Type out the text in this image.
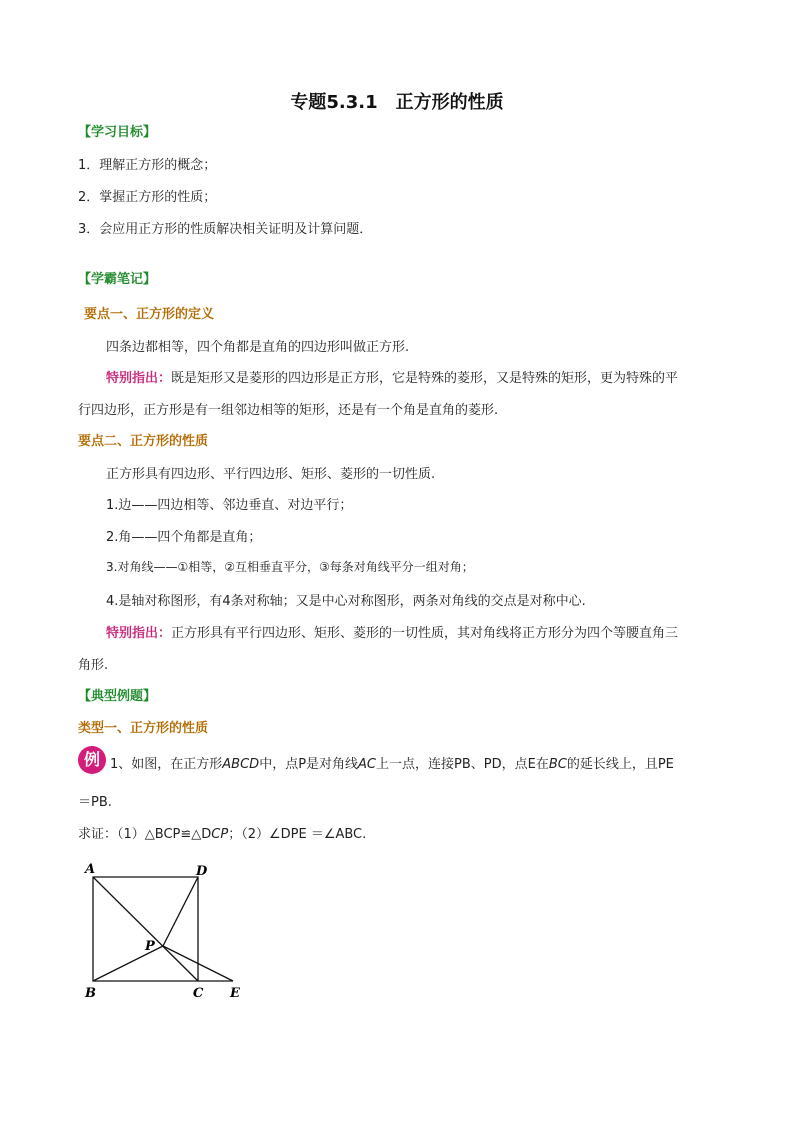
专题5.3.1　正方形的性质
【学习目标】
1．理解正方形的概念；
2．掌握正方形的性质；
3．会应用正方形的性质解决相关证明及计算问题．
【学霸笔记】
要点一、正方形的定义
四条边都相等，四个角都是直角的四边形叫做正方形.
特别指出：既是矩形又是菱形的四边形是正方形，它是特殊的菱形，又是特殊的矩形，更为特殊的平
行四边形，正方形是有一组邻边相等的矩形，还是有一个角是直角的菱形.
要点二、正方形的性质
正方形具有四边形、平行四边形、矩形、菱形的一切性质.
1.边——四边相等、邻边垂直、对边平行；
2.角——四个角都是直角；
3.对角线——①相等，②互相垂直平分，③每条对角线平分一组对角；
4.是轴对称图形，有4条对称轴；又是中心对称图形，两条对角线的交点是对称中心.
特别指出：正方形具有平行四边形、矩形、菱形的一切性质，其对角线将正方形分为四个等腰直角三
角形.
【典型例题】
类型一、正方形的性质
例 1、如图，在正方形ABCD中，点P是对角线AC上一点，连接PB、PD，点E在BC的延长线上，且PE
＝PB.
求证：（1）△BCP≌△DCP；（2）∠DPE ＝∠ABC.
A	D
B	C E
P
